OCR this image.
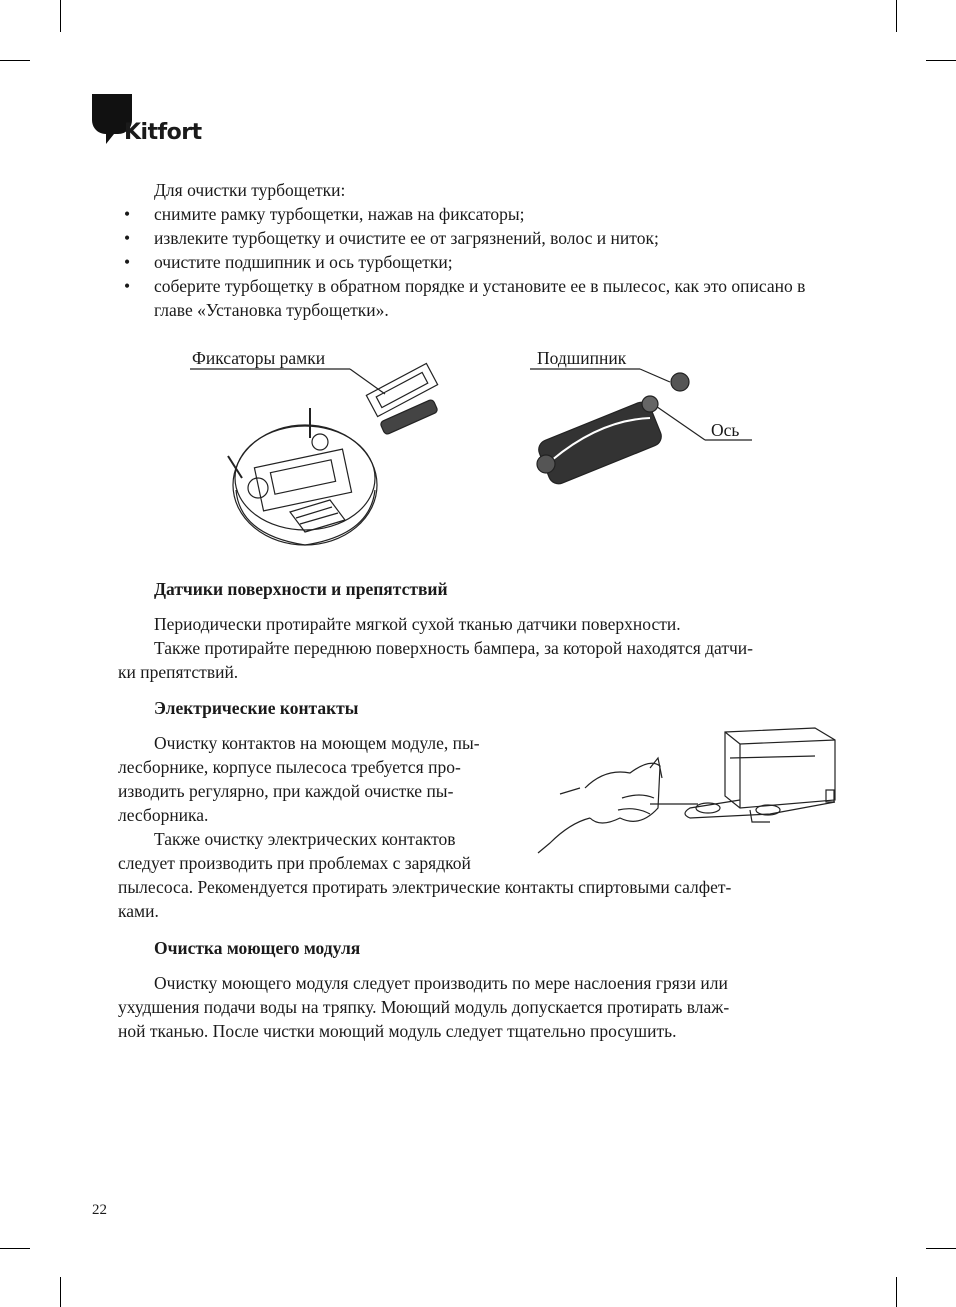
Kitfort
Для очистки турбощетки:
• снимите рамку турбощетки, нажав на фиксаторы;
• извлеките турбощетку и очистите ее от загрязнений, волос и ниток;
• очистите подшипник и ось турбощетки;
• соберите турбощетку в обратном порядке и установите ее в пылесос, как это описано в главе «Установка турбощетки».
Фиксаторы рамки	Подшипник
Ось
Датчики поверхности и препятствий
Периодически протирайте мягкой сухой тканью датчики поверхности.
Также протирайте переднюю поверхность бампера, за которой находятся датчи-
ки препятствий.
Электрические контакты
Очистку контактов на моющем модуле, пы-
лесборнике, корпусе пылесоса требуется про-
изводить регулярно, при каждой очистке пы-
лесборника.
Также очистку электрических контактов
следует производить при проблемах с зарядкой
пылесоса. Рекомендуется протирать электрические контакты спиртовыми салфет-
ками.
Очистка моющего модуля
Очистку моющего модуля следует производить по мере наслоения грязи или
ухудшения подачи воды на тряпку. Моющий модуль допускается протирать влаж-
ной тканью. После чистки моющий модуль следует тщательно просушить.
22
